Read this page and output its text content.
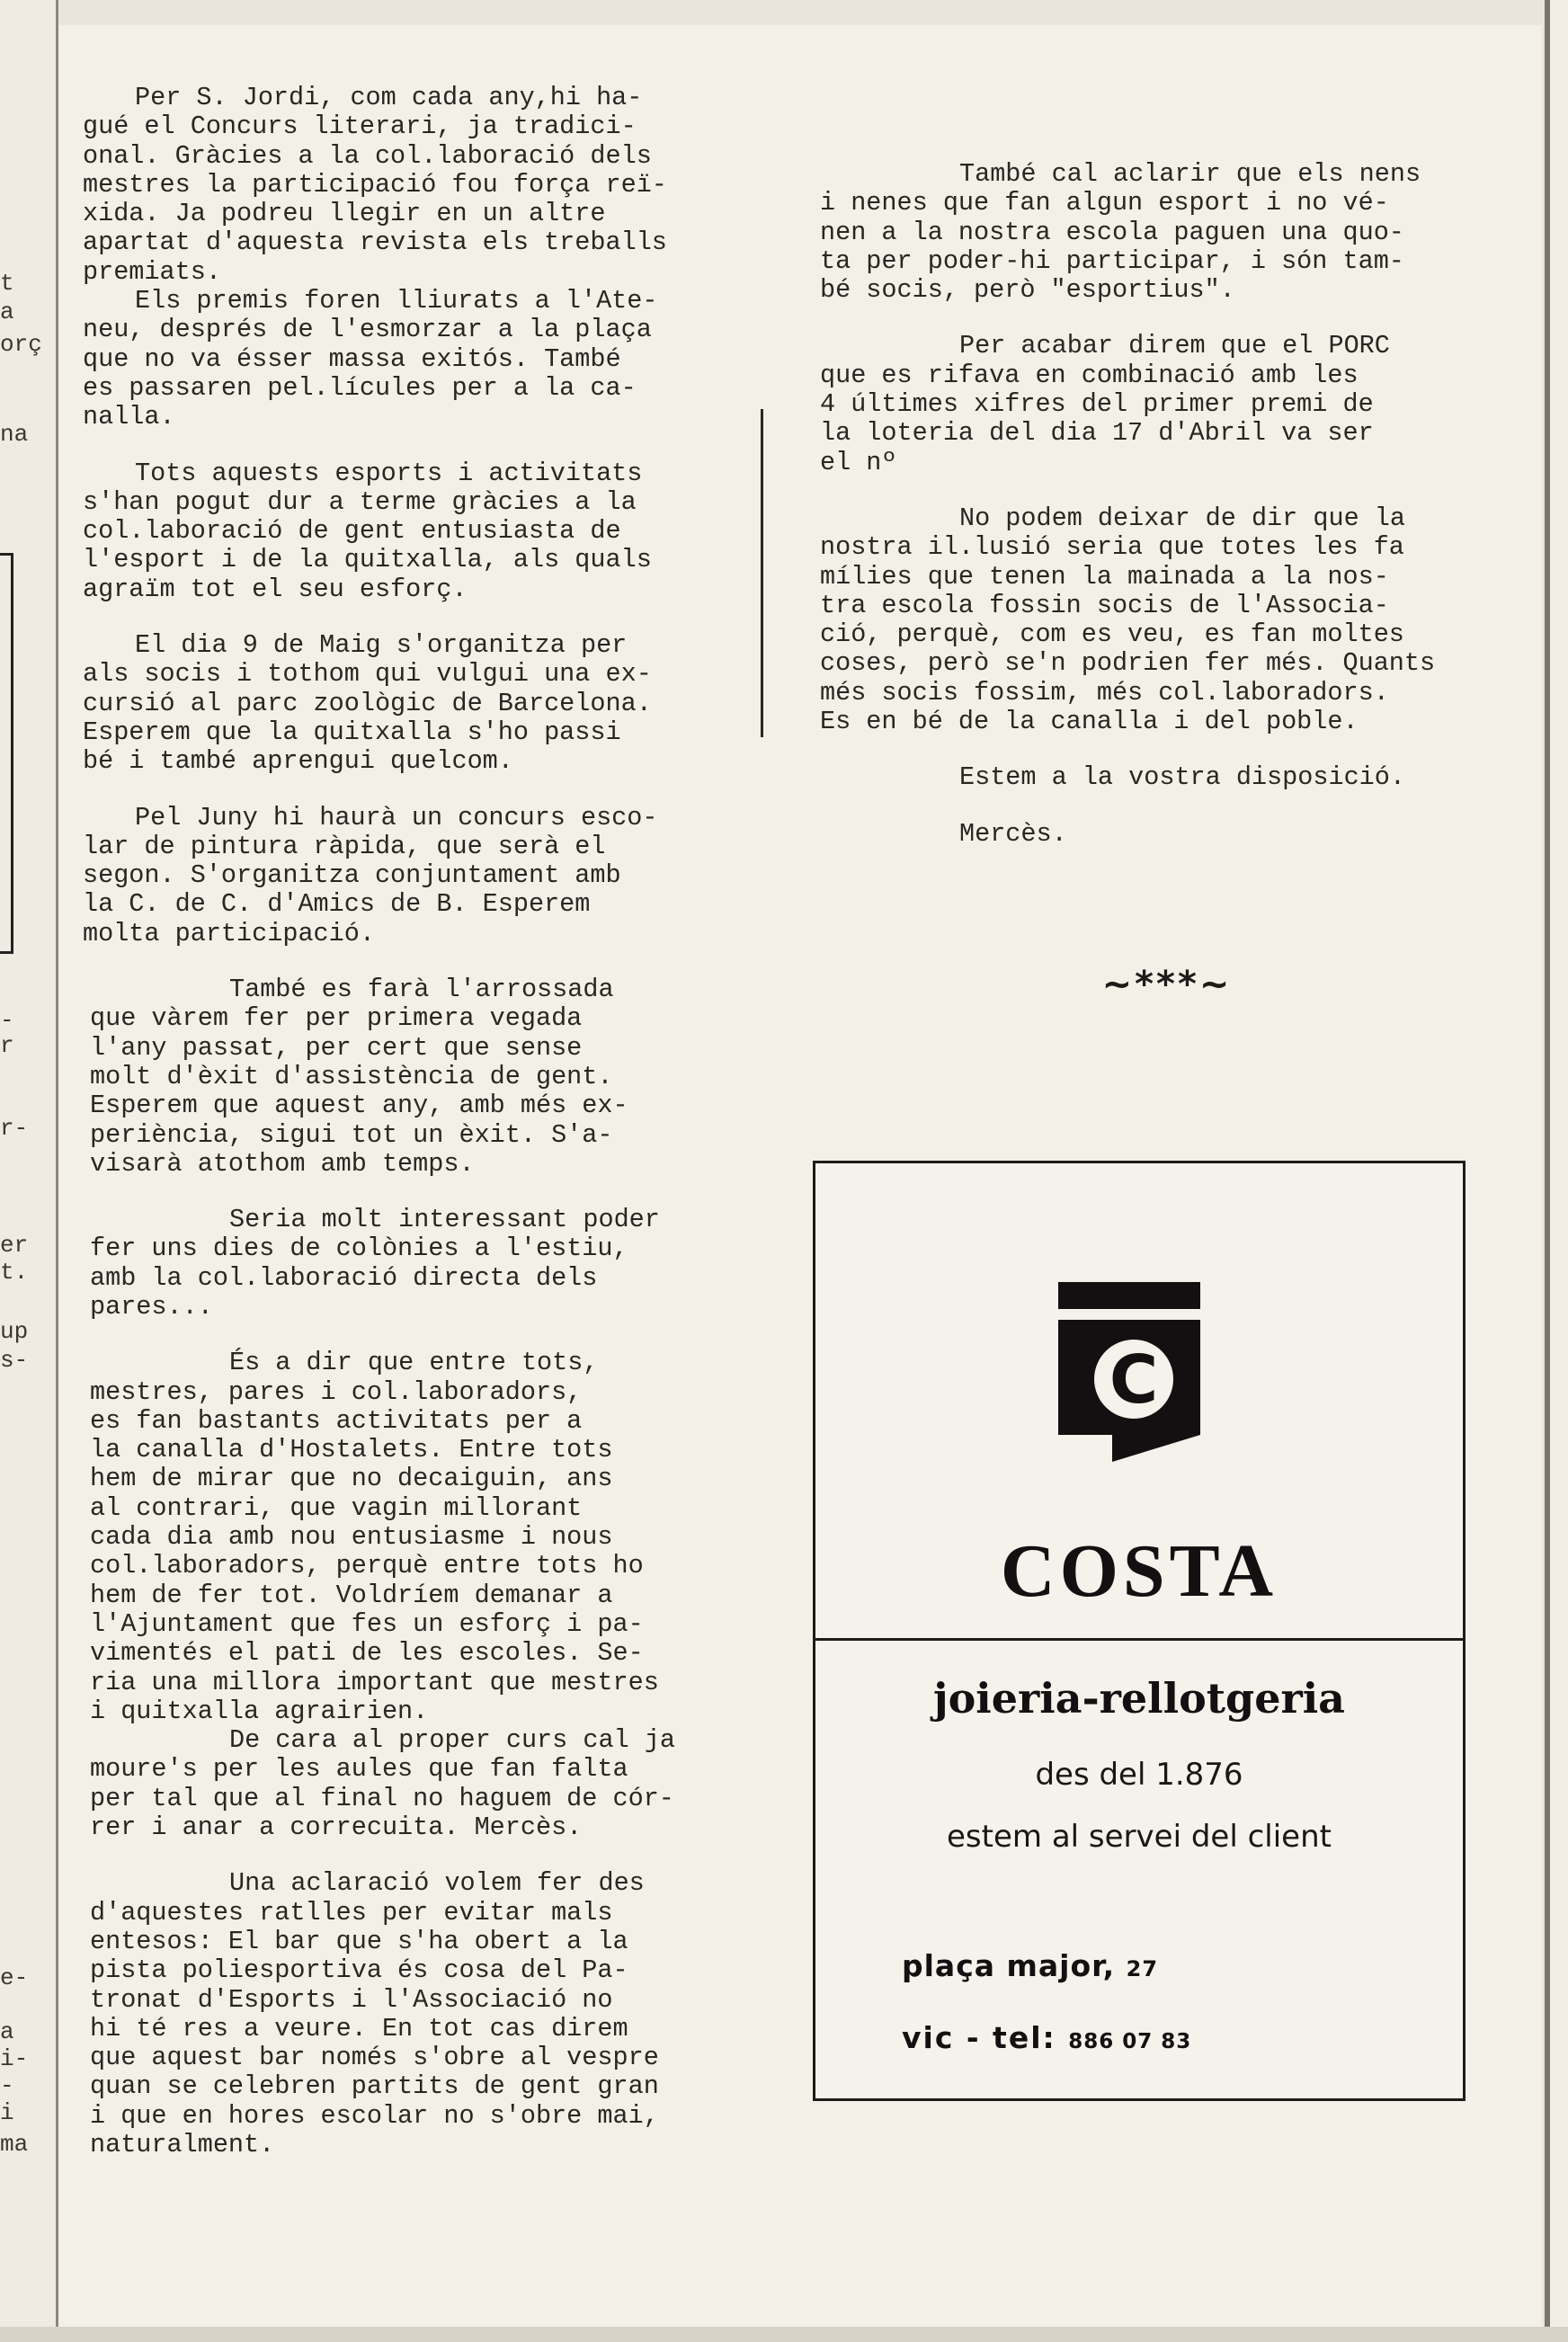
t
a
orç
na
-
r
r-
er
t.
up
s-
e-
a
i-
-
i
ma

Per S. Jordi, com cada any,hi ha-
gué el Concurs literari, ja tradici-
onal. Gràcies a la col.laboració dels
mestres la participació fou força reï-
xida. Ja podreu llegir en un altre
apartat d'aquesta revista els treballs
premiats.
Els premis foren lliurats a l'Ate-
neu, després de l'esmorzar a la plaça
que no va ésser massa exitós. També
es passaren pel.lícules per a la ca-
nalla.

Tots aquests esports i activitats
s'han pogut dur a terme gràcies a la
col.laboració de gent entusiasta de
l'esport i de la quitxalla, als quals
agraïm tot el seu esforç.

El dia 9 de Maig s'organitza per
als socis i tothom qui vulgui una ex-
cursió al parc zoològic de Barcelona.
Esperem que la quitxalla s'ho passi
bé i també aprengui quelcom.

Pel Juny hi haurà un concurs esco-
lar de pintura ràpida, que serà el
segon. S'organitza conjuntament amb
la C. de C. d'Amics de B. Esperem
molta participació.

També es farà l'arrossada
que vàrem fer per primera vegada
l'any passat, per cert que sense
molt d'èxit d'assistència de gent.
Esperem que aquest any, amb més ex-
periència, sigui tot un èxit. S'a-
visarà atothom amb temps.

Seria molt interessant poder
fer uns dies de colònies a l'estiu,
amb la col.laboració directa dels
pares...

És a dir que entre tots,
mestres, pares i col.laboradors,
es fan bastants activitats per a
la canalla d'Hostalets. Entre tots
hem de mirar que no decaiguin, ans
al contrari, que vagin millorant
cada dia amb nou entusiasme i nous
col.laboradors, perquè entre tots ho
hem de fer tot. Voldríem demanar a
l'Ajuntament que fes un esforç i pa-
vimentés el pati de les escoles. Se-
ria una millora important que mestres
i quitxalla agrairien.
De cara al proper curs cal ja
moure's per les aules que fan falta
per tal que al final no haguem de cór-
rer i anar a correcuita. Mercès.

Una aclaració volem fer des
d'aquestes ratlles per evitar mals
entesos: El bar que s'ha obert a la
pista poliesportiva és cosa del Pa-
tronat d'Esports i l'Associació no
hi té res a veure. En tot cas direm
que aquest bar només s'obre al vespre
quan se celebren partits de gent gran
i que en hores escolar no s'obre mai,
naturalment.

També cal aclarir que els nens
i nenes que fan algun esport i no vé-
nen a la nostra escola paguen una quo-
ta per poder-hi participar, i són tam-
bé socis, però "esportius".

Per acabar direm que el PORC
que es rifava en combinació amb les
4 últimes xifres del primer premi de
la loteria del dia 17 d'Abril va ser
el nº

No podem deixar de dir que la
nostra il.lusió seria que totes les fa
mílies que tenen la mainada a la nos-
tra escola fossin socis de l'Associa-
ció, perquè, com es veu, es fan moltes
coses, però se'n podrien fer més. Quants
més socis fossim, més col.laboradors.
Es en bé de la canalla i del poble.

Estem a la vostra disposició.

Mercès.

~***~
C
COSTA
joieria-rellotgeria
des del 1.876
estem al servei del client
plaça major, 27
vic - tel: 886 07 83
